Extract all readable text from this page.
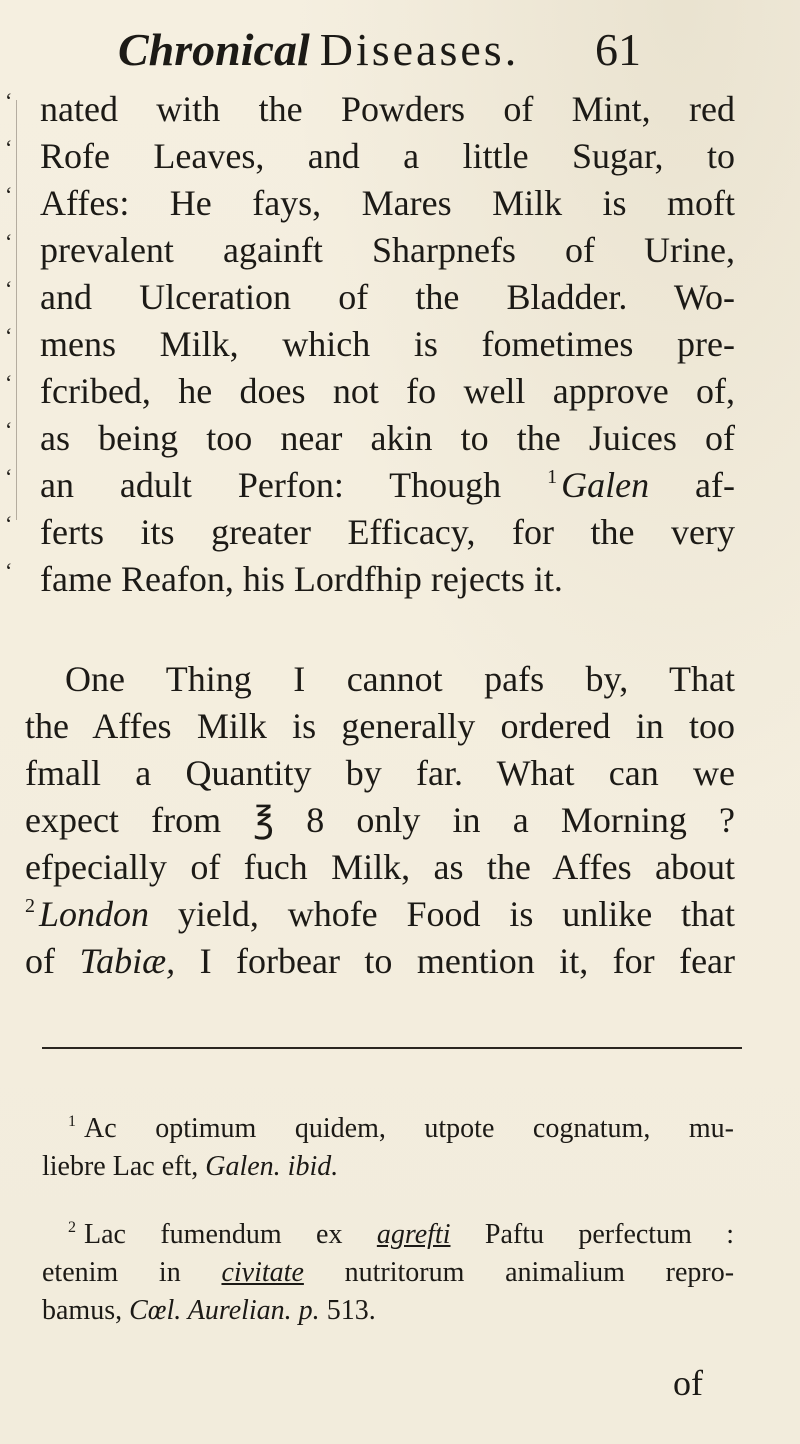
Chronical Diseases. 61
‘ nated with the Powders of Mint, red
‘ Rofe Leaves, and a little Sugar, to
‘ Affes: He fays, Mares Milk is moft
‘ prevalent againft Sharpnefs of Urine,
‘ and Ulceration of the Bladder. Wo-
‘ mens Milk, which is fometimes pre-
‘ fcribed, he does not fo well approve of,
‘ as being too near akin to the Juices of
‘ an adult Perfon: Though $^1$ Galen af-
‘ ferts its greater Efficacy, for the very
‘ fame Reafon, his Lordfhip rejects it.
One Thing I cannot pafs by, That
the Affes Milk is generally ordered in too
fmall a Quantity by far. What can we
expect from ℥ 8 only in a Morning ?
efpecially of fuch Milk, as the Affes about
$^2$ London yield, whofe Food is unlike that
of Tabiæ, I forbear to mention it, for fear
$^1$ Ac optimum quidem, utpote cognatum, mu-
liebre Lac eft, Galen. ibid.
$^2$ Lac fumendum ex agrefti Paftu perfectum :
etenim in civitate nutritorum animalium repro-
bamus, Cœl. Aurelian. p. 513.
of
